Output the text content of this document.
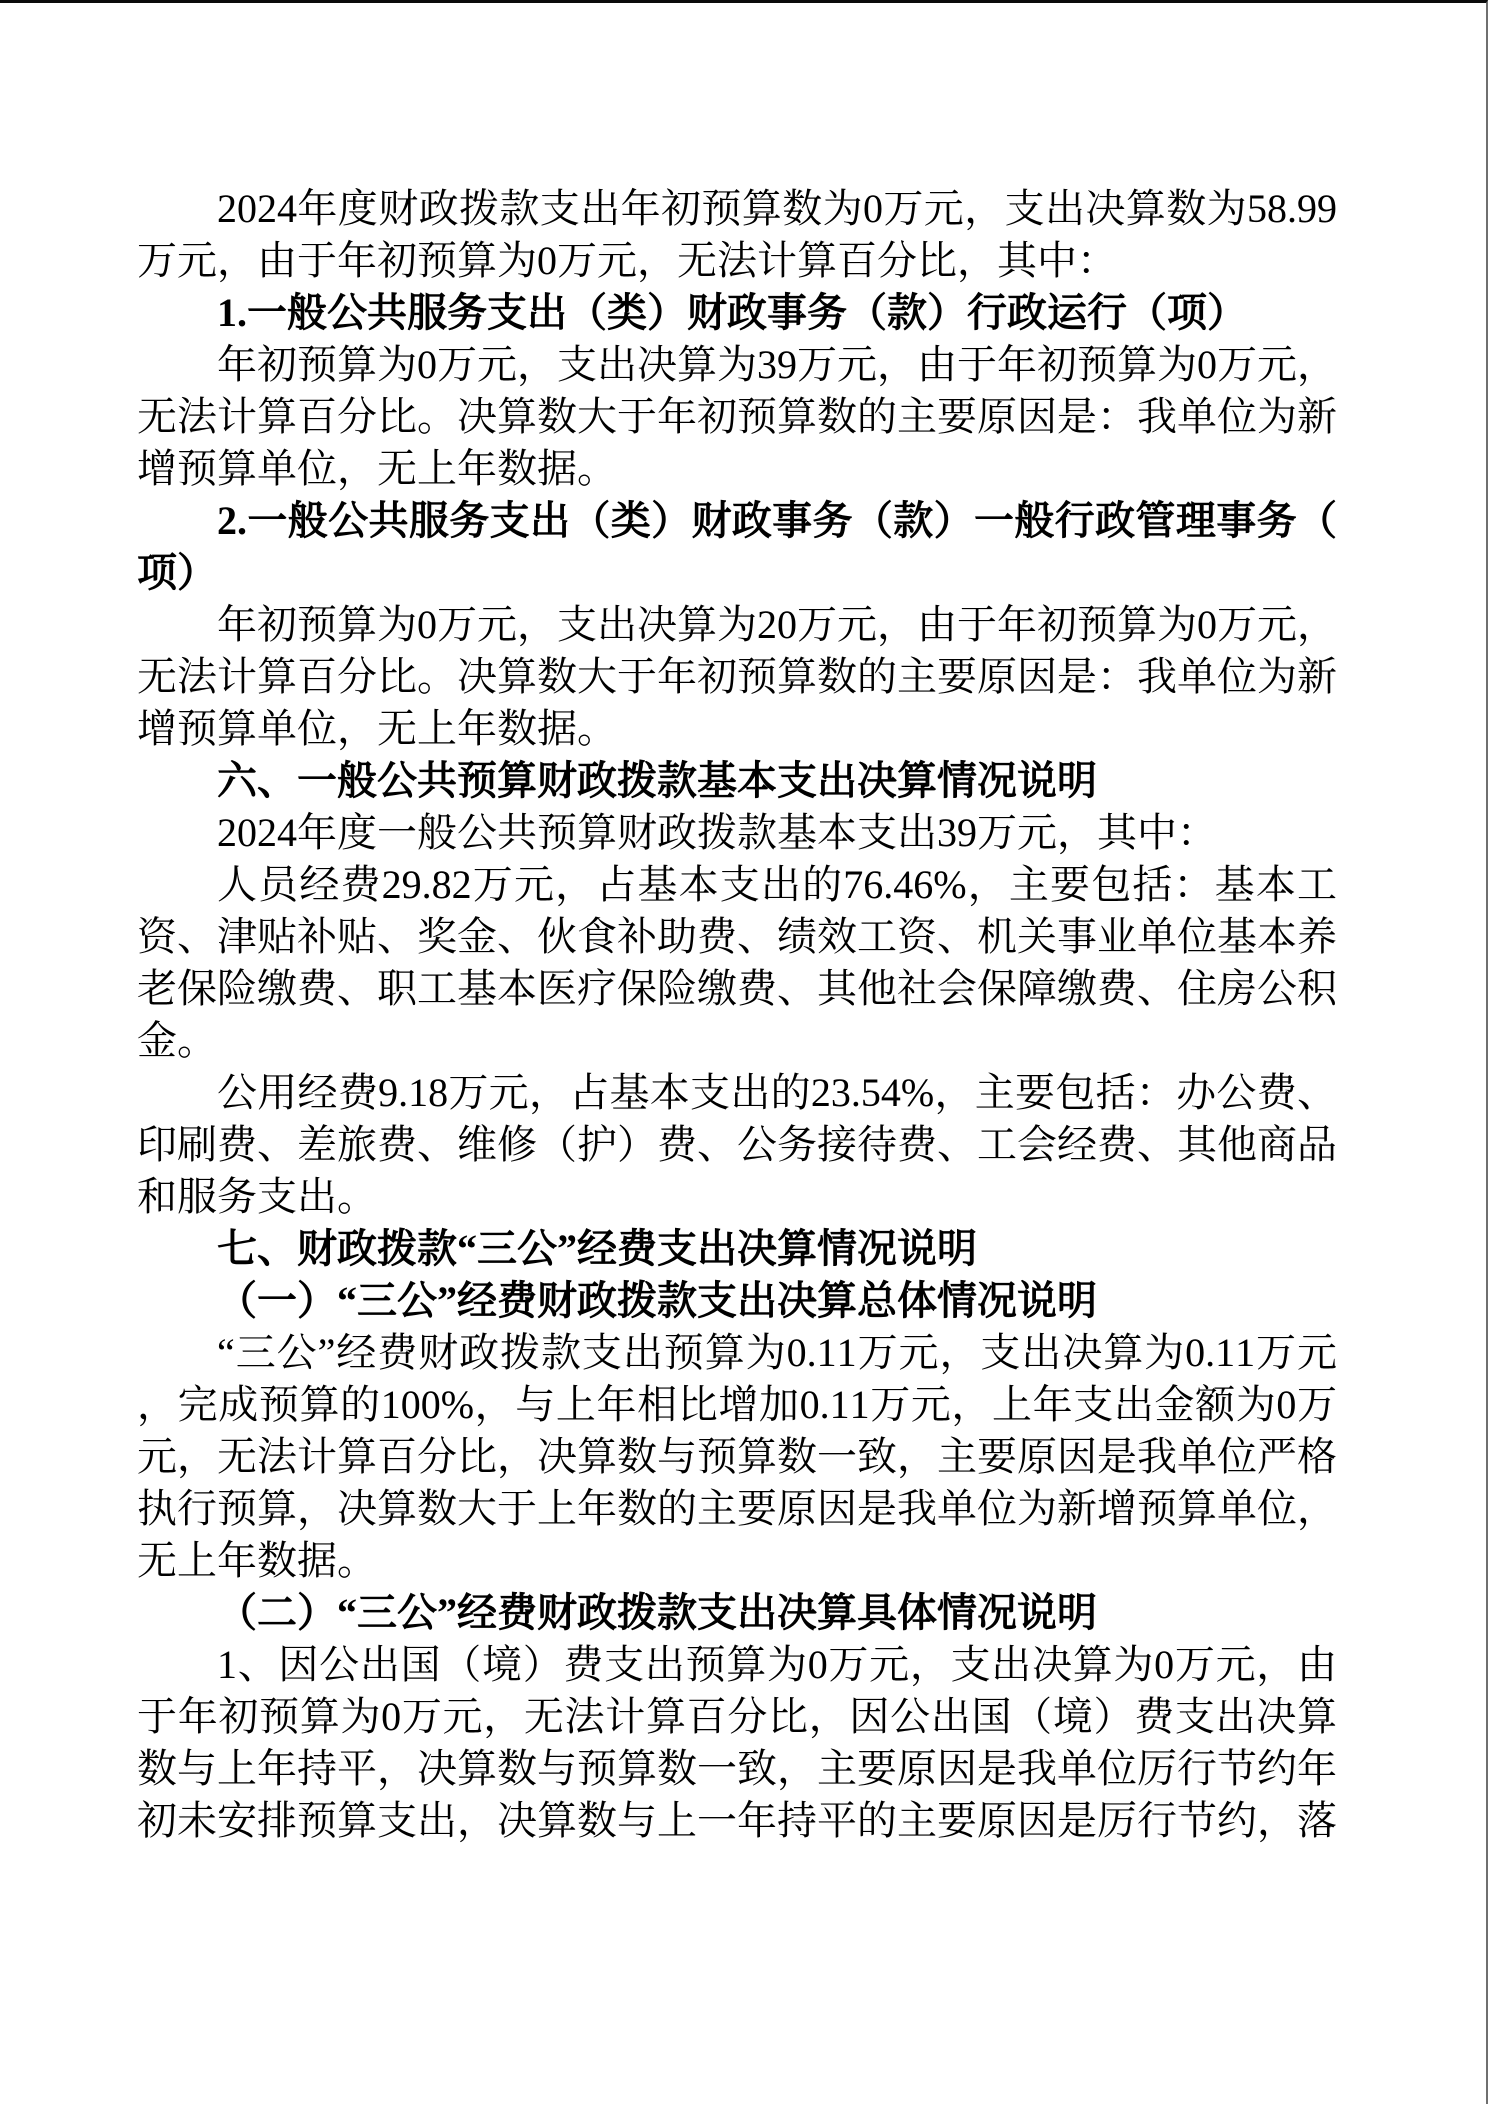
2024年度财政拨款支出年初预算数为0万元，支出决算数为58.99万元，由于年初预算为0万元，无法计算百分比，其中：

1.一般公共服务支出（类）财政事务（款）行政运行（项）

年初预算为0万元，支出决算为39万元，由于年初预算为0万元，无法计算百分比。决算数大于年初预算数的主要原因是：我单位为新增预算单位，无上年数据。

2.一般公共服务支出（类）财政事务（款）一般行政管理事务（项）

年初预算为0万元，支出决算为20万元，由于年初预算为0万元，无法计算百分比。决算数大于年初预算数的主要原因是：我单位为新增预算单位，无上年数据。

六、一般公共预算财政拨款基本支出决算情况说明

2024年度一般公共预算财政拨款基本支出39万元，其中：

人员经费29.82万元，占基本支出的76.46%，主要包括：基本工资、津贴补贴、奖金、伙食补助费、绩效工资、机关事业单位基本养老保险缴费、职工基本医疗保险缴费、其他社会保障缴费、住房公积金。

公用经费9.18万元，占基本支出的23.54%，主要包括：办公费、印刷费、差旅费、维修（护）费、公务接待费、工会经费、其他商品和服务支出。

七、财政拨款“三公”经费支出决算情况说明

（一）“三公”经费财政拨款支出决算总体情况说明

“三公”经费财政拨款支出预算为0.11万元，支出决算为0.11万元，完成预算的100%，与上年相比增加0.11万元，上年支出金额为0万元，无法计算百分比，决算数与预算数一致，主要原因是我单位严格执行预算，决算数大于上年数的主要原因是我单位为新增预算单位，无上年数据。

（二）“三公”经费财政拨款支出决算具体情况说明

1、因公出国（境）费支出预算为0万元，支出决算为0万元，由于年初预算为0万元，无法计算百分比，因公出国（境）费支出决算数与上年持平，决算数与预算数一致，主要原因是我单位厉行节约年初未安排预算支出，决算数与上一年持平的主要原因是厉行节约，落
